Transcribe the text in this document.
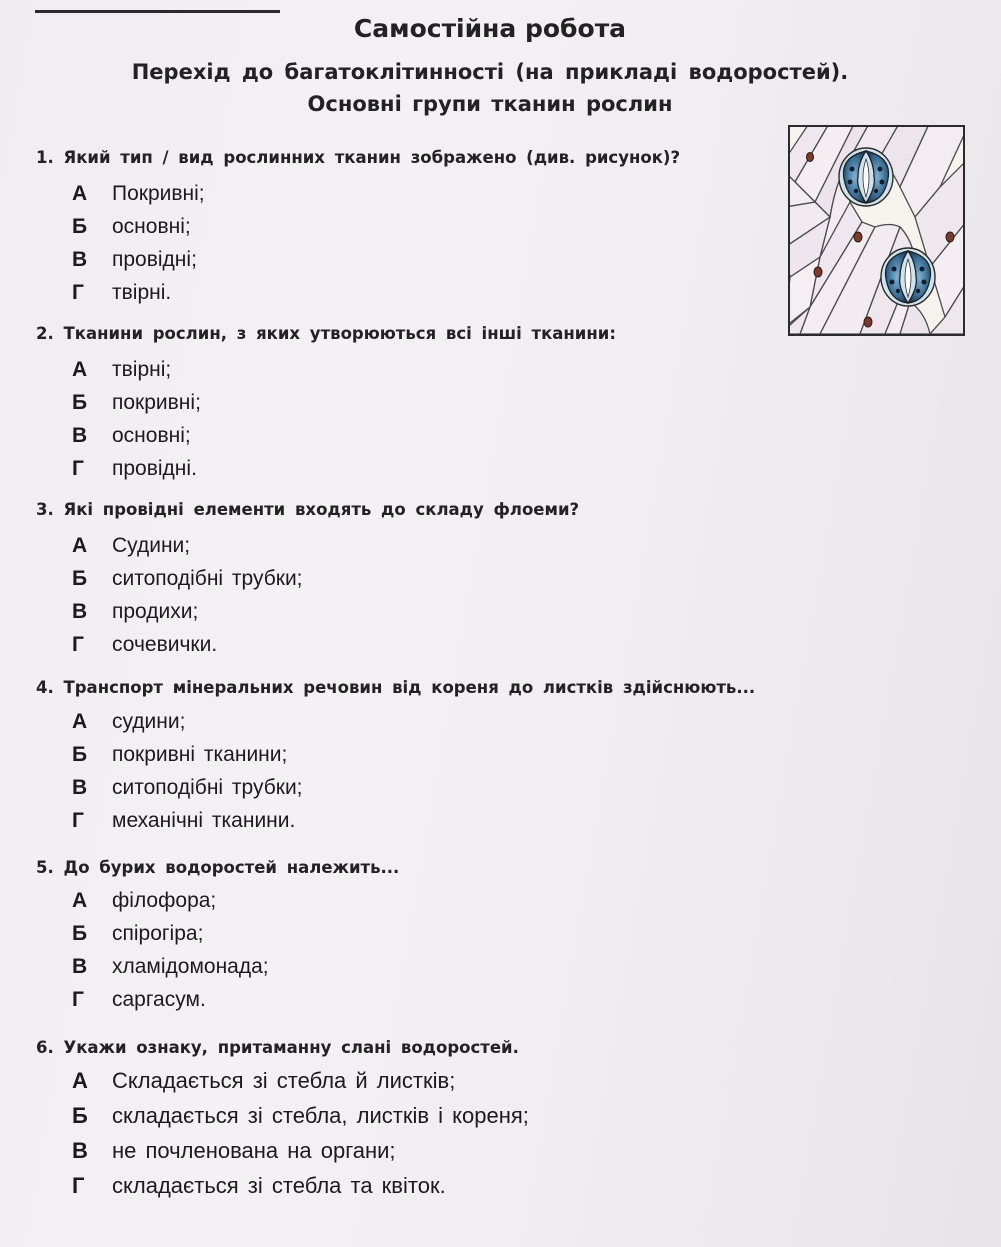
Самостійна робота
Перехід до багатоклітинності (на прикладі водоростей).
Основні групи тканин рослин
1. Який тип / вид рослинних тканин зображено (див. рисунок)?
А Покривні;
Б основні;
В провідні;
Г твірні.
2. Тканини рослин, з яких утворюються всі інші тканини:
А твірні;
Б покривні;
В основні;
Г провідні.
3. Які провідні елементи входять до складу флоеми?
А Судини;
Б ситоподібні трубки;
В продихи;
Г сочевички.
4. Транспорт мінеральних речовин від кореня до листків здійснюють...
А судини;
Б покривні тканини;
В ситоподібні трубки;
Г механічні тканини.
5. До бурих водоростей належить...
А філофора;
Б спірогіра;
В хламідомонада;
Г саргасум.
6. Укажи ознаку, притаманну слані водоростей.
А Складається зі стебла й листків;
Б складається зі стебла, листків і кореня;
В не почленована на органи;
Г складається зі стебла та квіток.
